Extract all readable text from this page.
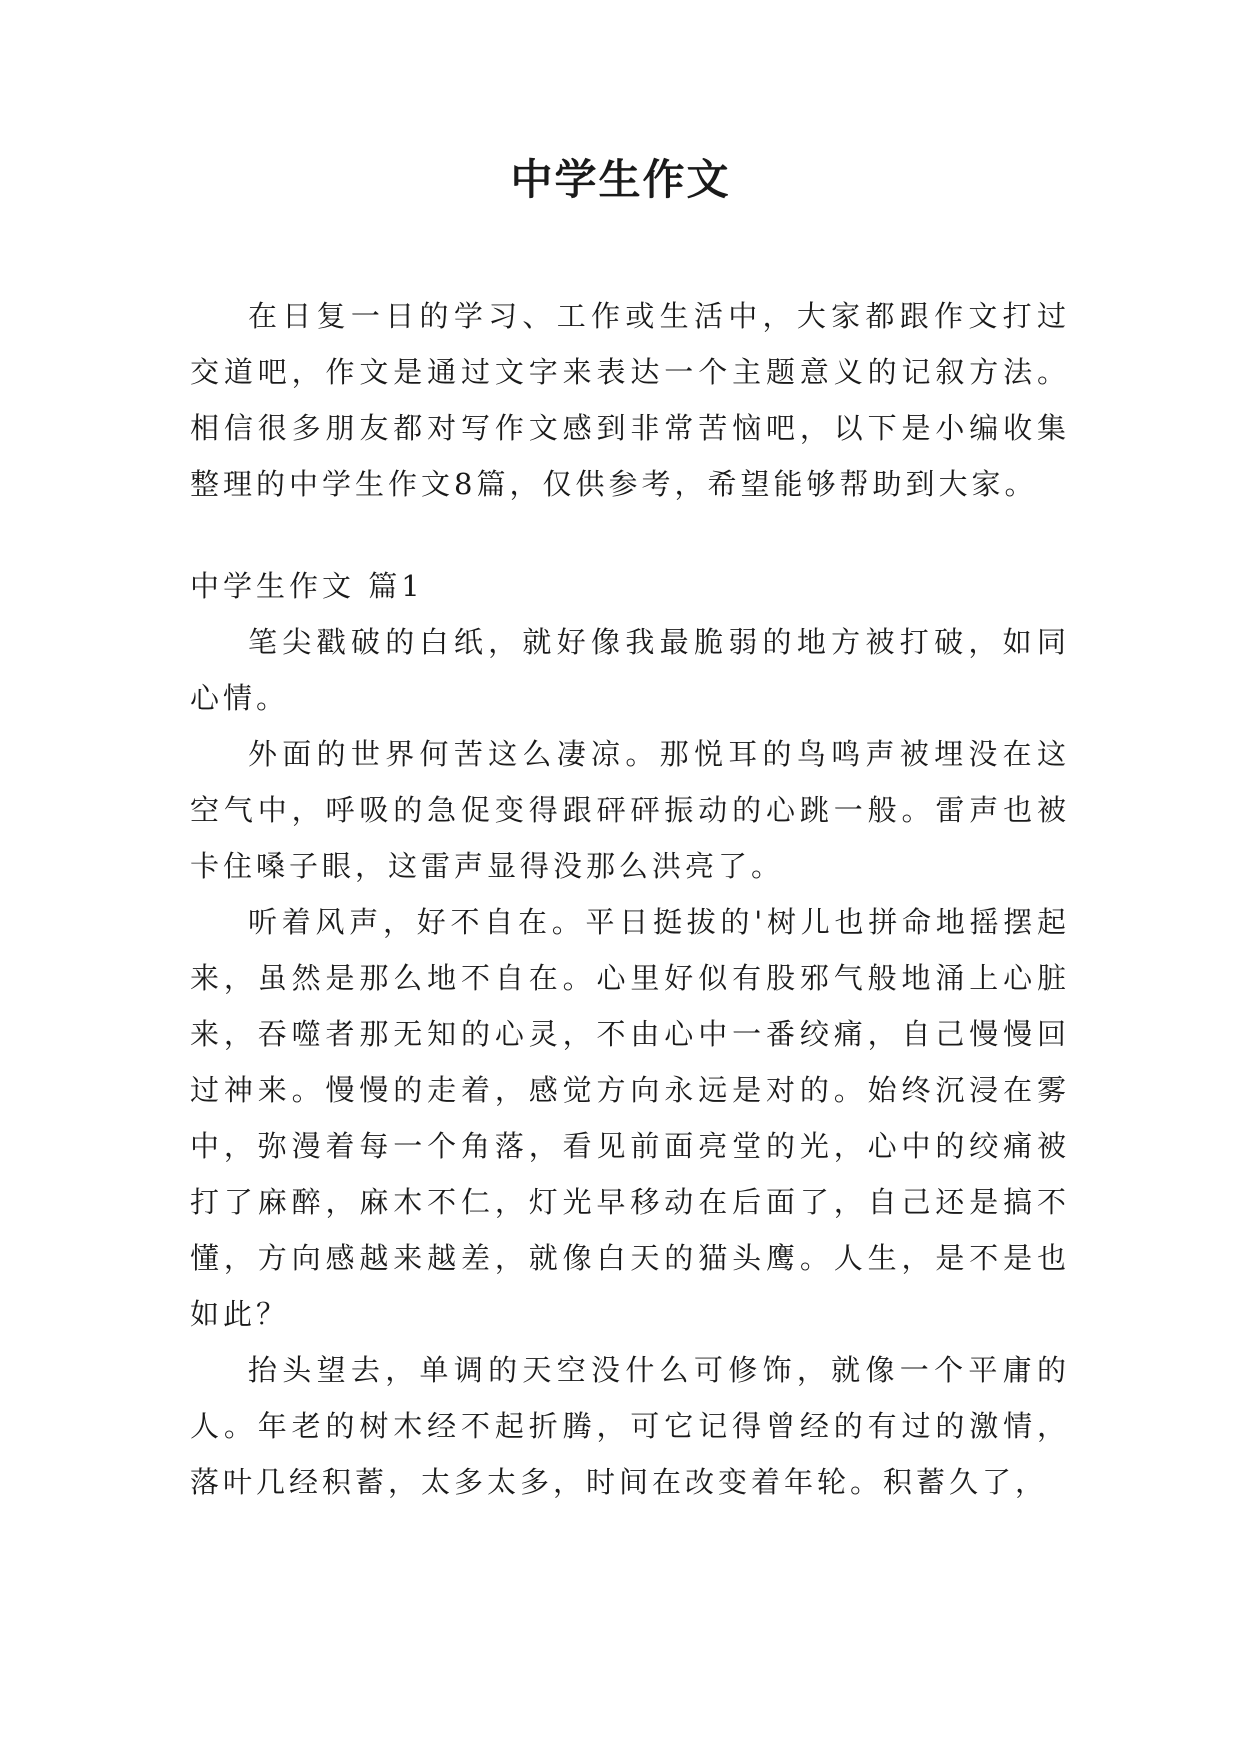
中学生作文

在日复一日的学习、工作或生活中，大家都跟作文打过交道吧，作文是通过文字来表达一个主题意义的记叙方法。相信很多朋友都对写作文感到非常苦恼吧，以下是小编收集整理的中学生作文8篇，仅供参考，希望能够帮助到大家。

中学生作文 篇1

笔尖戳破的白纸，就好像我最脆弱的地方被打破，如同心情。

外面的世界何苦这么凄凉。那悦耳的鸟鸣声被埋没在这空气中，呼吸的急促变得跟砰砰振动的心跳一般。雷声也被卡住嗓子眼，这雷声显得没那么洪亮了。

听着风声，好不自在。平日挺拔的'树儿也拼命地摇摆起来，虽然是那么地不自在。心里好似有股邪气般地涌上心脏来，吞噬者那无知的心灵，不由心中一番绞痛，自己慢慢回过神来。慢慢的走着，感觉方向永远是对的。始终沉浸在雾中，弥漫着每一个角落，看见前面亮堂的光，心中的绞痛被打了麻醉，麻木不仁，灯光早移动在后面了，自己还是搞不懂，方向感越来越差，就像白天的猫头鹰。人生，是不是也如此？

抬头望去，单调的天空没什么可修饰，就像一个平庸的人。年老的树木经不起折腾，可它记得曾经的有过的激情，落叶几经积蓄，太多太多，时间在改变着年轮。积蓄久了，
